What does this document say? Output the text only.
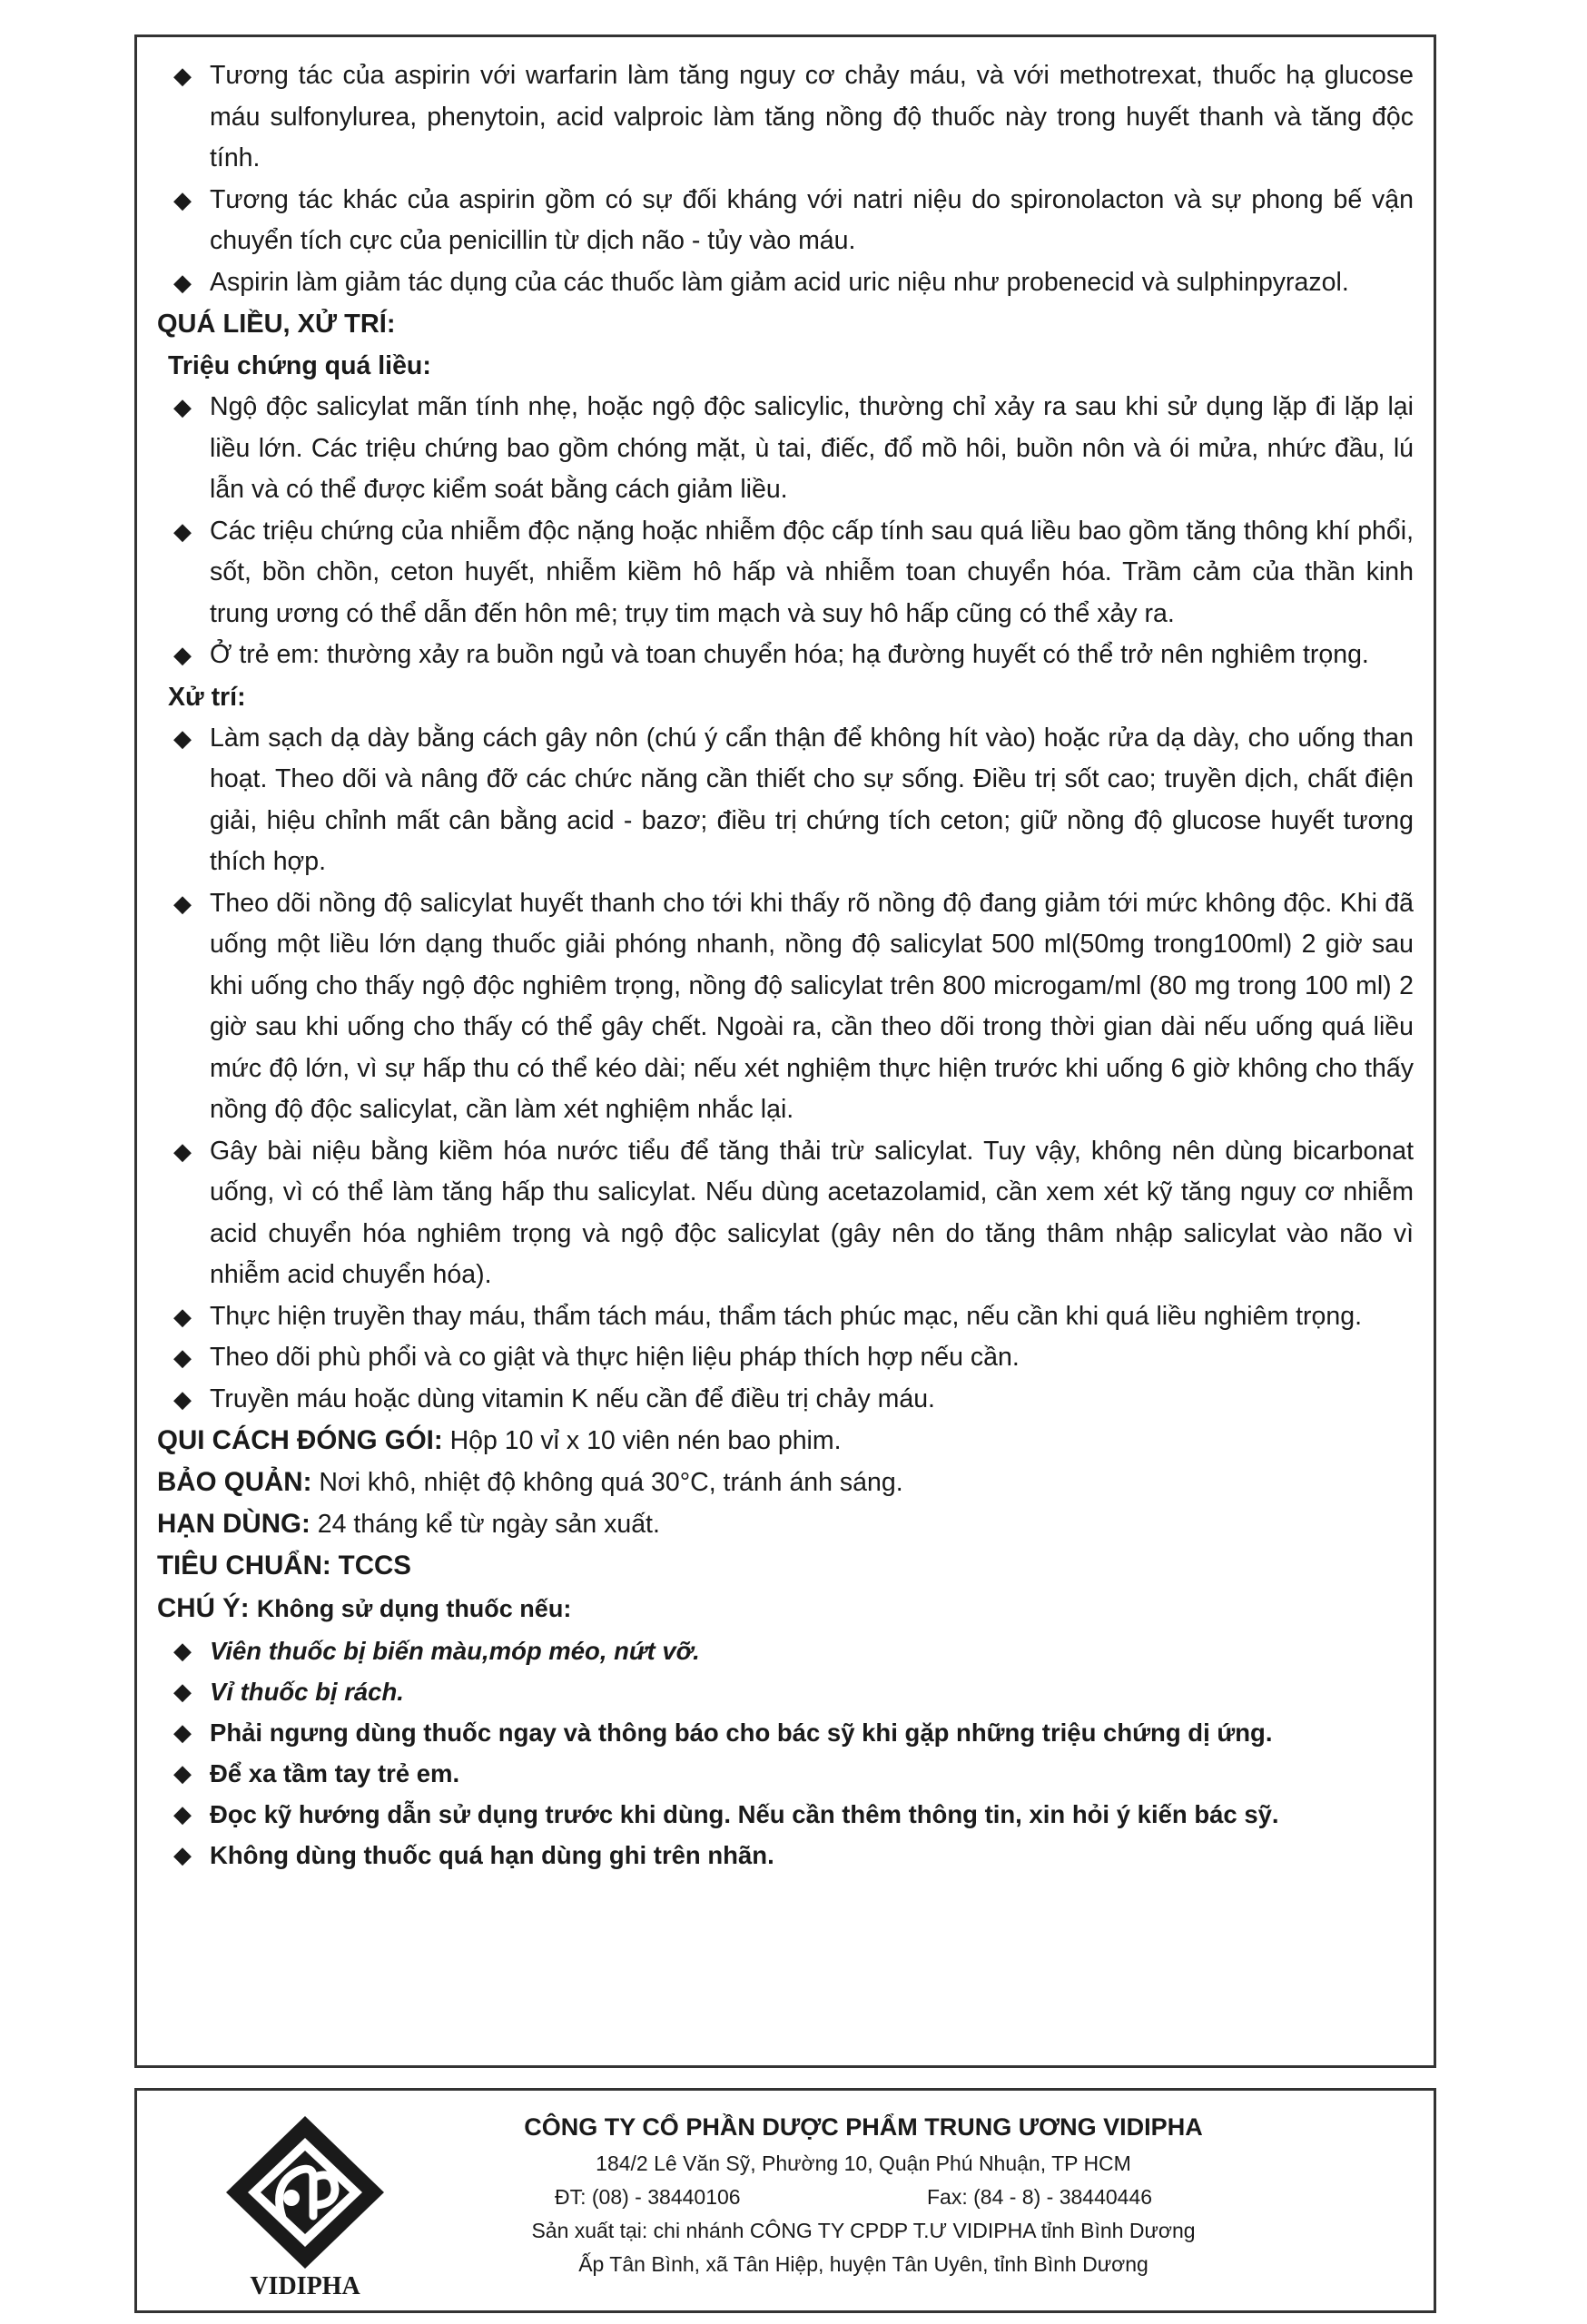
◆ Tương tác của aspirin với warfarin làm tăng nguy cơ chảy máu, và với methotrexat, thuốc hạ glucose máu sulfonylurea, phenytoin, acid valproic làm tăng nồng độ thuốc này trong huyết thanh và tăng độc tính.
◆ Tương tác khác của aspirin gồm có sự đối kháng với natri niệu do spironolacton và sự phong bế vận chuyển tích cực của penicillin từ dịch não - tủy vào máu.
◆ Aspirin làm giảm tác dụng của các thuốc làm giảm acid uric niệu như probenecid và sulphinpyrazol.

QUÁ LIỀU, XỬ TRÍ:

Triệu chứng quá liều:

◆ Ngộ độc salicylat mãn tính nhẹ, hoặc ngộ độc salicylic, thường chỉ xảy ra sau khi sử dụng lặp đi lặp lại liều lớn. Các triệu chứng bao gồm chóng mặt, ù tai, điếc, đổ mồ hôi, buồn nôn và ói mửa, nhức đầu, lú lẫn và có thể được kiểm soát bằng cách giảm liều.
◆ Các triệu chứng của nhiễm độc nặng hoặc nhiễm độc cấp tính sau quá liều bao gồm tăng thông khí phổi, sốt, bồn chồn, ceton huyết, nhiễm kiềm hô hấp và nhiễm toan chuyển hóa. Trầm cảm của thần kinh trung ương có thể dẫn đến hôn mê; trụy tim mạch và suy hô hấp cũng có thể xảy ra.
◆ Ở trẻ em: thường xảy ra buồn ngủ và toan chuyển hóa; hạ đường huyết có thể trở nên nghiêm trọng.

Xử trí:

◆ Làm sạch dạ dày bằng cách gây nôn (chú ý cẩn thận để không hít vào) hoặc rửa dạ dày, cho uống than hoạt. Theo dõi và nâng đỡ các chức năng cần thiết cho sự sống. Điều trị sốt cao; truyền dịch, chất điện giải, hiệu chỉnh mất cân bằng acid - bazơ; điều trị chứng tích ceton; giữ nồng độ glucose huyết tương thích hợp.
◆ Theo dõi nồng độ salicylat huyết thanh cho tới khi thấy rõ nồng độ đang giảm tới mức không độc. Khi đã uống một liều lớn dạng thuốc giải phóng nhanh, nồng độ salicylat 500 ml(50mg trong100ml) 2 giờ sau khi uống cho thấy ngộ độc nghiêm trọng, nồng độ salicylat trên 800 microgam/ml (80 mg trong 100 ml) 2 giờ sau khi uống cho thấy có thể gây chết. Ngoài ra, cần theo dõi trong thời gian dài nếu uống quá liều mức độ lớn, vì sự hấp thu có thể kéo dài; nếu xét nghiệm thực hiện trước khi uống 6 giờ không cho thấy nồng độ độc salicylat, cần làm xét nghiệm nhắc lại.
◆ Gây bài niệu bằng kiềm hóa nước tiểu để tăng thải trừ salicylat. Tuy vậy, không nên dùng bicarbonat uống, vì có thể làm tăng hấp thu salicylat. Nếu dùng acetazolamid, cần xem xét kỹ tăng nguy cơ nhiễm acid chuyển hóa nghiêm trọng và ngộ độc salicylat (gây nên do tăng thâm nhập salicylat vào não vì nhiễm acid chuyển hóa).
◆ Thực hiện truyền thay máu, thẩm tách máu, thẩm tách phúc mạc, nếu cần khi quá liều nghiêm trọng.
◆ Theo dõi phù phổi và co giật và thực hiện liệu pháp thích hợp nếu cần.
◆ Truyền máu hoặc dùng vitamin K nếu cần để điều trị chảy máu.

QUI CÁCH ĐÓNG GÓI: Hộp 10 vỉ x 10 viên nén bao phim.

BẢO QUẢN: Nơi khô, nhiệt độ không quá 30°C, tránh ánh sáng.

HẠN DÙNG: 24 tháng kể từ ngày sản xuất.

TIÊU CHUẨN: TCCS

CHÚ Ý: Không sử dụng thuốc nếu:

◆ Viên thuốc bị biến màu,móp méo, nứt vỡ.
◆ Vỉ thuốc bị rách.
◆ Phải ngưng dùng thuốc ngay và thông báo cho bác sỹ khi gặp những triệu chứng dị ứng.
◆ Để xa tầm tay trẻ em.
◆ Đọc kỹ hướng dẫn sử dụng trước khi dùng. Nếu cần thêm thông tin, xin hỏi ý kiến bác sỹ.
◆ Không dùng thuốc quá hạn dùng ghi trên nhãn.
VIDIPHA
CÔNG TY CỔ PHẦN DƯỢC PHẨM TRUNG ƯƠNG VIDIPHA
184/2 Lê Văn Sỹ, Phường 10, Quận Phú Nhuận, TP HCM
ĐT: (08) - 38440106	Fax: (84 - 8) - 38440446
Sản xuất tại: chi nhánh CÔNG TY CPDP T.Ư VIDIPHA tỉnh Bình Dương
Ấp Tân Bình, xã Tân Hiệp, huyện Tân Uyên, tỉnh Bình Dương
